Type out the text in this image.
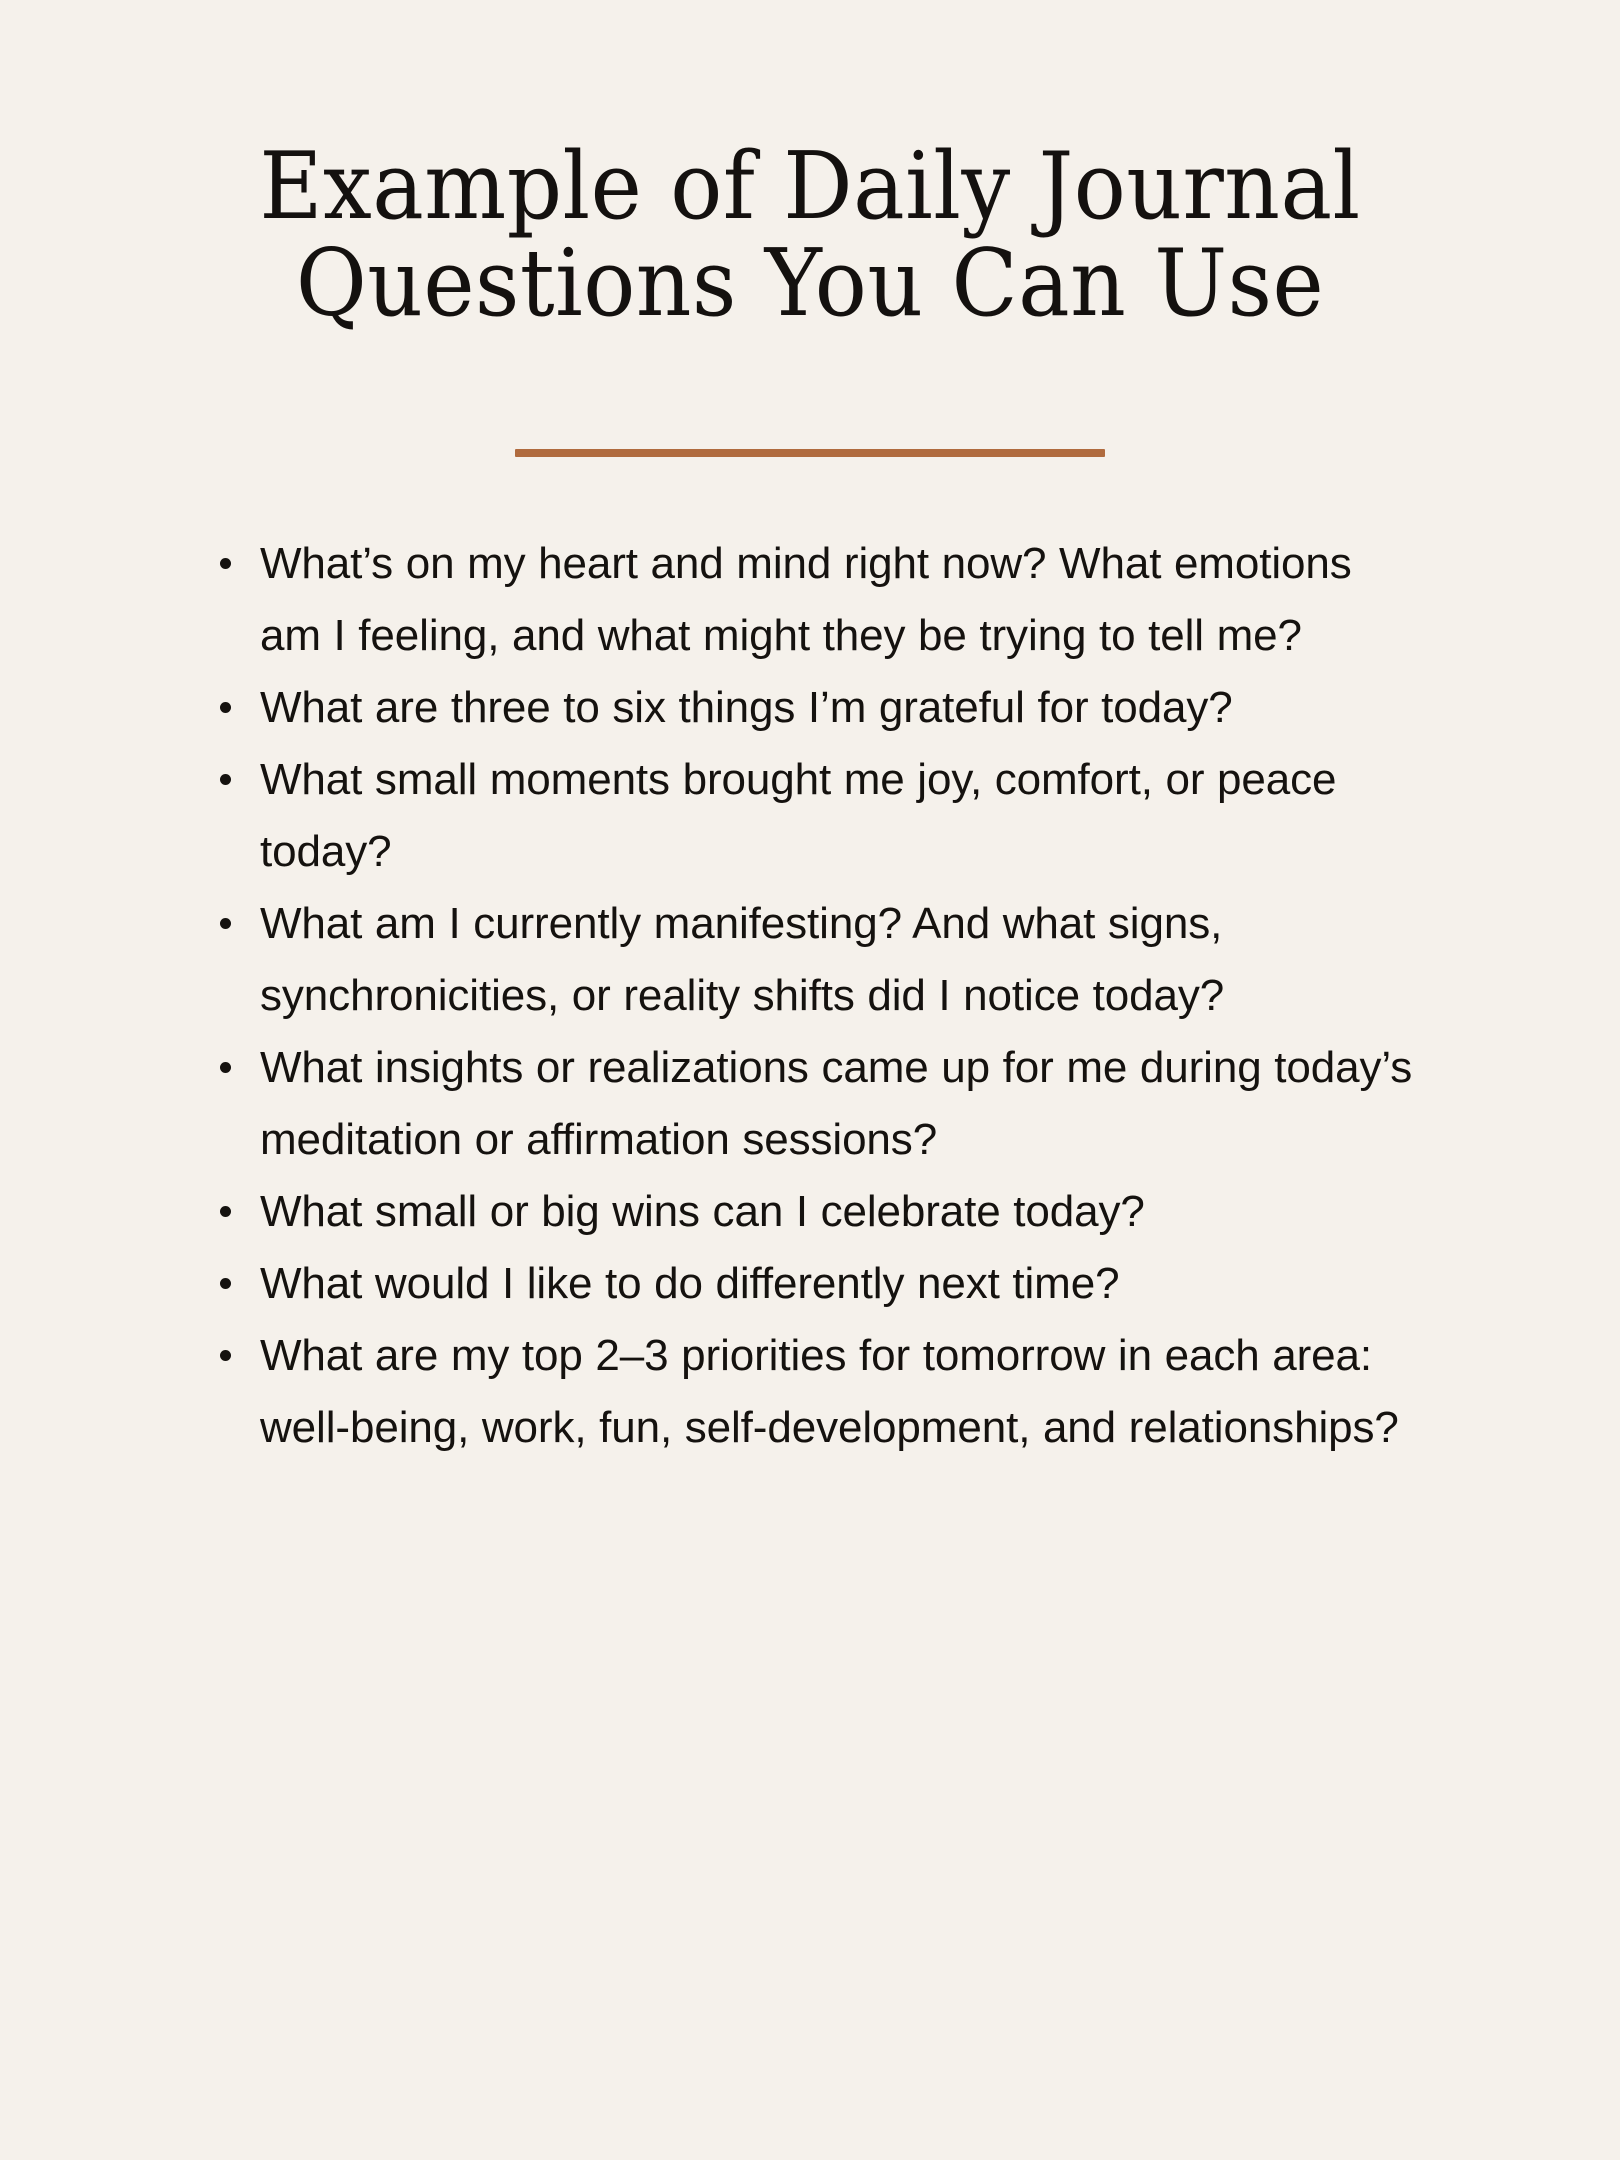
Example of Daily Journal
Questions You Can Use
What’s on my heart and mind right now? What emotions am I feeling, and what might they be trying to tell me?
What are three to six things I’m grateful for today?
What small moments brought me joy, comfort, or peace today?
What am I currently manifesting? And what signs, synchronicities, or reality shifts did I notice today?
What insights or realizations came up for me during today’s meditation or affirmation sessions?
What small or big wins can I celebrate today?
What would I like to do differently next time?
What are my top 2–3 priorities for tomorrow in each area: well-being, work, fun, self-development, and relationships?
